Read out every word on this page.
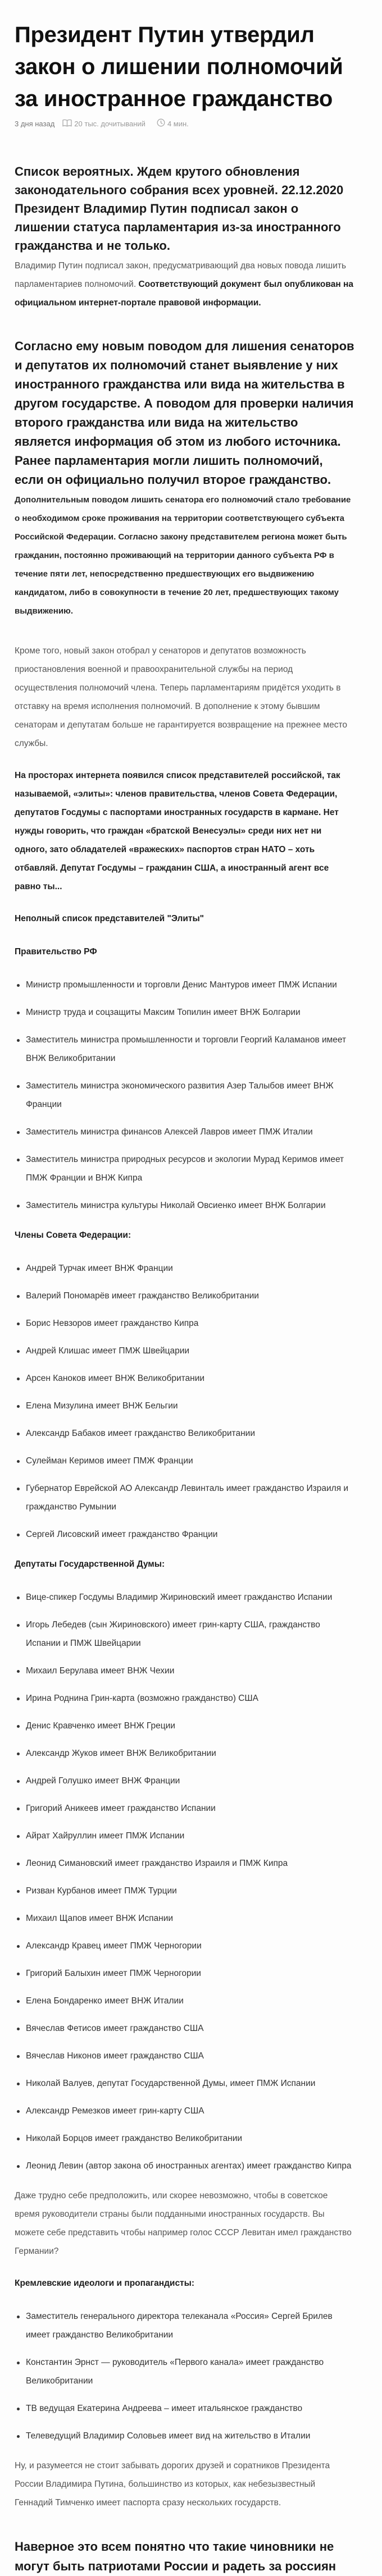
Президент Путин утвердил закон о лишении полномочий за иностранное гражданство
3 дня назад	20 тыс. дочитываний	4 мин.

Список вероятных. Ждем крутого обновления законодательного собрания всех уровней. 22.12.2020 Президент Владимир Путин подписал закон о лишении статуса парламентария из-за иностранного гражданства и не только.

Владимир Путин подписал закон, предусматривающий два новых повода лишить парламентариев полномочий. Соответствующий документ был опубликован на официальном интернет-портале правовой информации.

Согласно ему новым поводом для лишения сенаторов и депутатов их полномочий станет выявление у них иностранного гражданства или вида на жительства в другом государстве. А поводом для проверки наличия второго гражданства или вида на жительство является информация об этом из любого источника. Ранее парламентария могли лишить полномочий, если он официально получил второе гражданство.

Дополнительным поводом лишить сенатора его полномочий стало требование о необходимом сроке проживания на территории соответствующего субъекта Российской Федерации. Согласно закону представителем региона может быть гражданин, постоянно проживающий на территории данного субъекта РФ в течение пяти лет, непосредственно предшествующих его выдвижению кандидатом, либо в совокупности в течение 20 лет, предшествующих такому выдвижению.

Кроме того, новый закон отобрал у сенаторов и депутатов возможность приостановления военной и правоохранительной службы на период осуществления полномочий члена. Теперь парламентариям придётся уходить в отставку на время исполнения полномочий. В дополнение к этому бывшим сенаторам и депутатам больше не гарантируется возвращение на прежнее место службы.

На просторах интернета появился список представителей российской, так называемой, «элиты»: членов правительства, членов Совета Федерации, депутатов Госдумы с паспортами иностранных государств в кармане. Нет нужды говорить, что граждан «братской Венесуэлы» среди них нет ни одного, зато обладателей «вражеских» паспортов стран НАТО – хоть отбавляй. Депутат Госдумы – гражданин США, а иностранный агент все равно ты...

Неполный список представителей "Элиты"

Правительство РФ

Министр промышленности и торговли Денис Мантуров имеет ПМЖ Испании
Министр труда и соцзащиты Максим Топилин имеет ВНЖ Болгарии
Заместитель министра промышленности и торговли Георгий Каламанов имеет ВНЖ Великобритании
Заместитель министра экономического развития Азер Талыбов имеет ВНЖ Франции
Заместитель министра финансов Алексей Лавров имеет ПМЖ Италии
Заместитель министра природных ресурсов и экологии Мурад Керимов имеет ПМЖ Франции и ВНЖ Кипра
Заместитель министра культуры Николай Овсиенко имеет ВНЖ Болгарии

Члены Совета Федерации:

Андрей Турчак имеет ВНЖ Франции
Валерий Пономарёв имеет гражданство Великобритании
Борис Невзоров имеет гражданство Кипра
Андрей Клишас имеет ПМЖ Швейцарии
Арсен Каноков имеет ВНЖ Великобритании
Елена Мизулина имеет ВНЖ Бельгии
Александр Бабаков имеет гражданство Великобритании
Сулейман Керимов имеет ПМЖ Франции
Губернатор Еврейской АО Александр Левинталь имеет гражданство Израиля и гражданство Румынии
Сергей Лисовский имеет гражданство Франции

Депутаты Государственной Думы:

Вице-спикер Госдумы Владимир Жириновский имеет гражданство Испании
Игорь Лебедев (сын Жириновского) имеет грин-карту США, гражданство Испании и ПМЖ Швейцарии
Михаил Берулава имеет ВНЖ Чехии
Ирина Роднина Грин-карта (возможно гражданство) США
Денис Кравченко имеет ВНЖ Греции
Александр Жуков имеет ВНЖ Великобритании
Андрей Голушко имеет ВНЖ Франции
Григорий Аникеев имеет гражданство Испании
Айрат Хайруллин имеет ПМЖ Испании
Леонид Симановский имеет гражданство Израиля и ПМЖ Кипра
Ризван Курбанов имеет ПМЖ Турции
Михаил Щапов имеет ВНЖ Испании
Александр Кравец имеет ПМЖ Черногории
Григорий Балыхин имеет ПМЖ Черногории
Елена Бондаренко имеет ВНЖ Италии
Вячеслав Фетисов имеет гражданство США
Вячеслав Никонов имеет гражданство США
Николай Валуев, депутат Государственной Думы, имеет ПМЖ Испании
Александр Ремезков имеет грин-карту США
Николай Борцов имеет гражданство Великобритании
Леонид Левин (автор закона об иностранных агентах) имеет гражданство Кипра

Даже трудно себе предположить, или скорее невозможно, чтобы в советское время руководители страны были подданными иностранных государств. Вы можете себе представить чтобы например голос СССР Левитан имел гражданство Германии?

Кремлевские идеологи и пропагандисты:

Заместитель генерального директора телеканала «Россия» Сергей Брилев имеет гражданство Великобритании
Константин Эрнст — руководитель «Первого канала» имеет гражданство Великобритании
ТВ ведущая Екатерина Андреева – имеет итальянское гражданство
Телеведущий Владимир Соловьев имеет вид на жительство в Италии

Ну, и разумеется не стоит забывать дорогих друзей и соратников Президента России Владимира Путина, большинство из которых, как небезызвестный Геннадий Тимченко имеет паспорта сразу нескольких государств.

Наверное это всем понятно что такие чиновники не могут быть патриотами России и радеть за россиян
